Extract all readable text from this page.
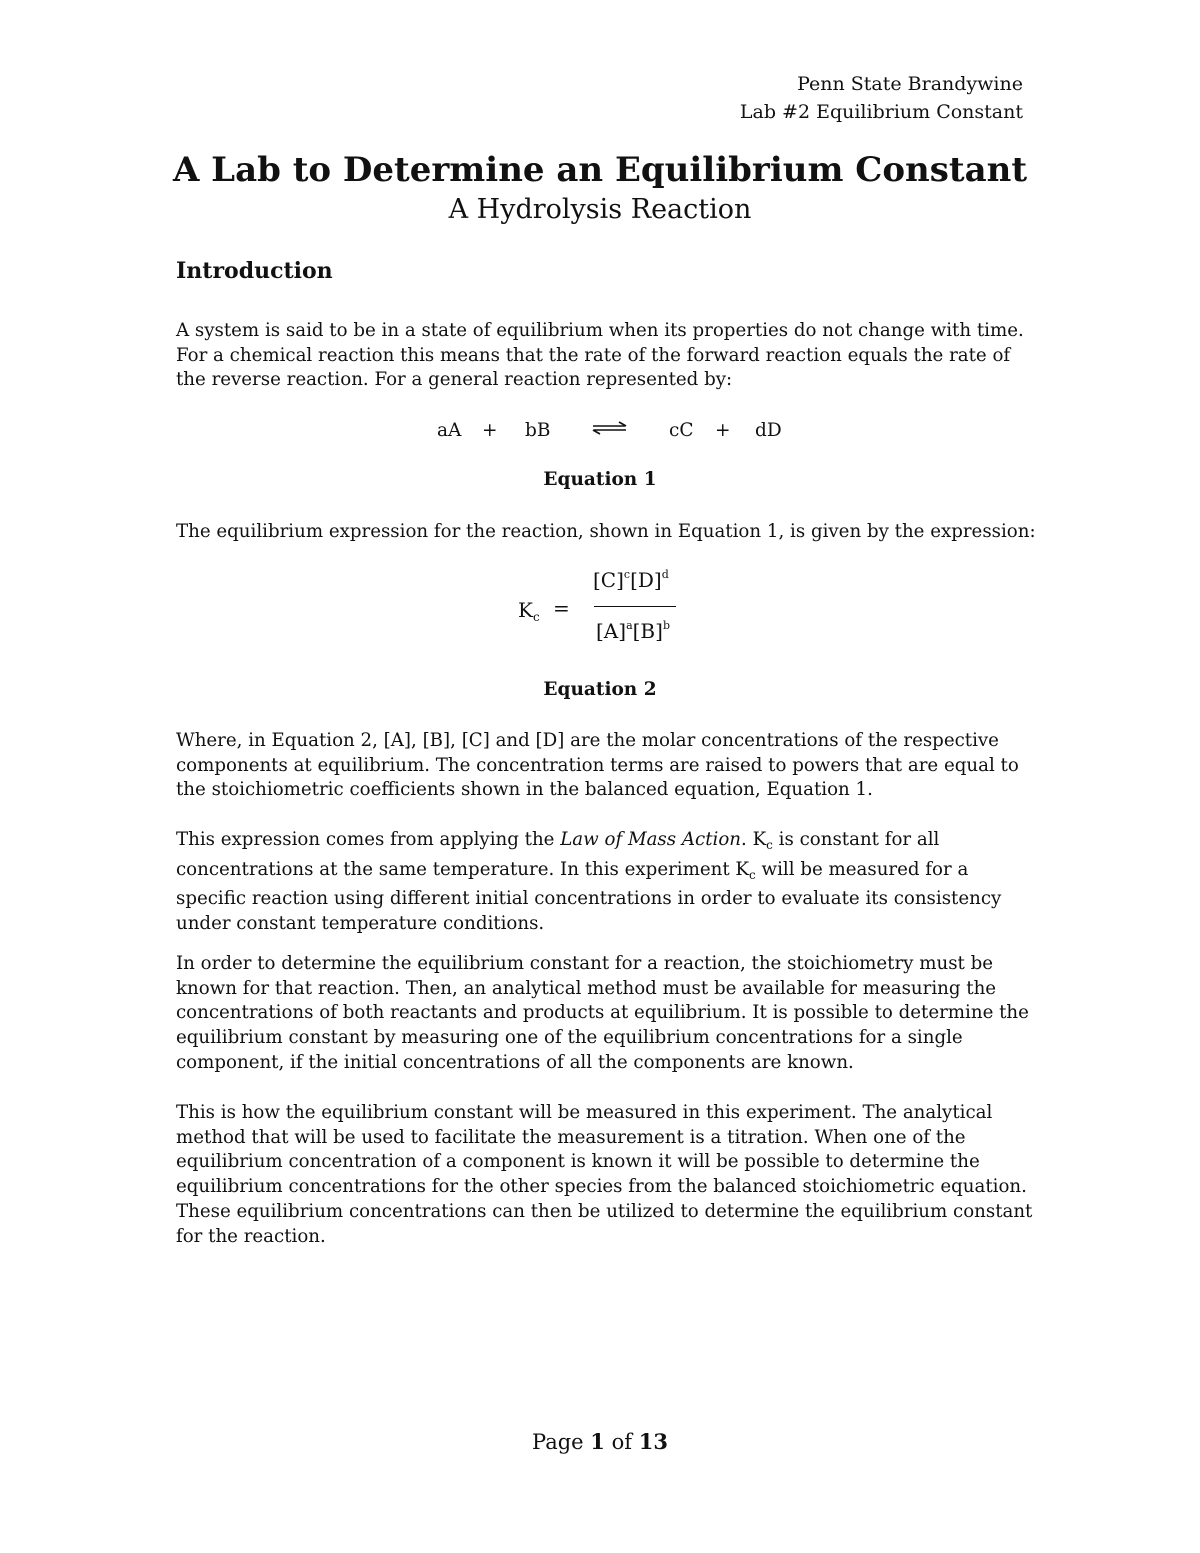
Penn State Brandywine
Lab #2 Equilibrium Constant
A Lab to Determine an Equilibrium Constant
A Hydrolysis Reaction
Introduction

A system is said to be in a state of equilibrium when its properties do not change with time. For a chemical reaction this means that the rate of the forward reaction equals the rate of the reverse reaction. For a general reaction represented by:

aA + bB	cC + dD
Equation 1

The equilibrium expression for the reaction, shown in Equation 1, is given by the expression:

$K_c$ =
$[C]^c[D]^d$
$[A]^a[B]^b$
Equation 2

Where, in Equation 2, [A], [B], [C] and [D] are the molar concentrations of the respective components at equilibrium. The concentration terms are raised to powers that are equal to the stoichiometric coefficients shown in the balanced equation, Equation 1.

This expression comes from applying the Law of Mass Action. $K_c$ is constant for all concentrations at the same temperature. In this experiment $K_c$ will be measured for a specific reaction using different initial concentrations in order to evaluate its consistency under constant temperature conditions.

In order to determine the equilibrium constant for a reaction, the stoichiometry must be known for that reaction. Then, an analytical method must be available for measuring the concentrations of both reactants and products at equilibrium. It is possible to determine the equilibrium constant by measuring one of the equilibrium concentrations for a single component, if the initial concentrations of all the components are known.

This is how the equilibrium constant will be measured in this experiment. The analytical method that will be used to facilitate the measurement is a titration. When one of the equilibrium concentration of a component is known it will be possible to determine the equilibrium concentrations for the other species from the balanced stoichiometric equation. These equilibrium concentrations can then be utilized to determine the equilibrium constant for the reaction.

Page 1 of 13
